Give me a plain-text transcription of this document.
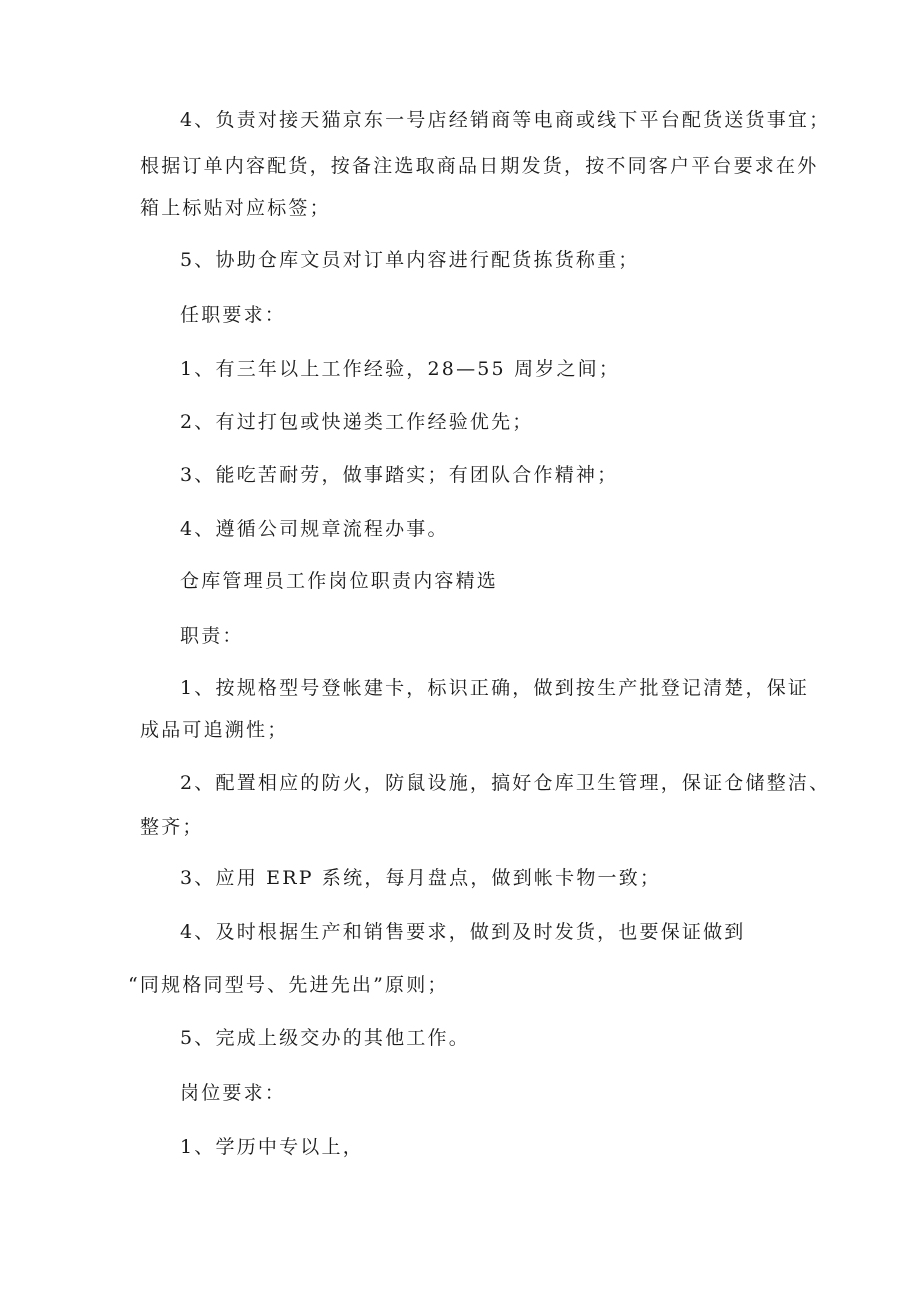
4、负责对接天猫京东一号店经销商等电商或线下平台配货送货事宜；
根据订单内容配货，按备注选取商品日期发货，按不同客户平台要求在外
箱上标贴对应标签；
5、协助仓库文员对订单内容进行配货拣货称重；
任职要求：
1、有三年以上工作经验，28—55 周岁之间；
2、有过打包或快递类工作经验优先；
3、能吃苦耐劳，做事踏实；有团队合作精神；
4、遵循公司规章流程办事。
仓库管理员工作岗位职责内容精选
职责：
1、按规格型号登帐建卡，标识正确，做到按生产批登记清楚，保证
成品可追溯性；
2、配置相应的防火，防鼠设施，搞好仓库卫生管理，保证仓储整洁、
整齐；
3、应用 ERP 系统，每月盘点，做到帐卡物一致；
4、及时根据生产和销售要求，做到及时发货，也要保证做到
“同规格同型号、先进先出”原则；
5、完成上级交办的其他工作。
岗位要求：
1、学历中专以上，
